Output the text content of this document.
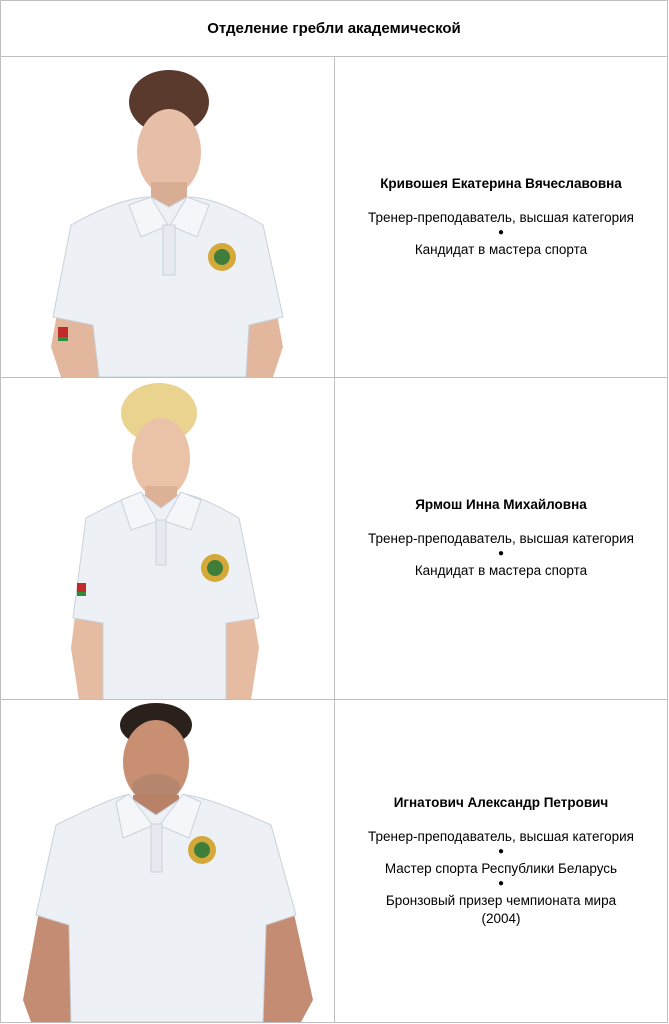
Отделение гребли академической
Кривошея Екатерина Вячеславовна
Тренер-преподаватель, высшая категория
●
Кандидат в мастера спорта
Ярмош Инна Михайловна
Тренер-преподаватель, высшая категория
●
Кандидат в мастера спорта
Игнатович Александр Петрович
Тренер-преподаватель, высшая категория
●
Мастер спорта Республики Беларусь
●
Бронзовый призер чемпионата мира
(2004)
